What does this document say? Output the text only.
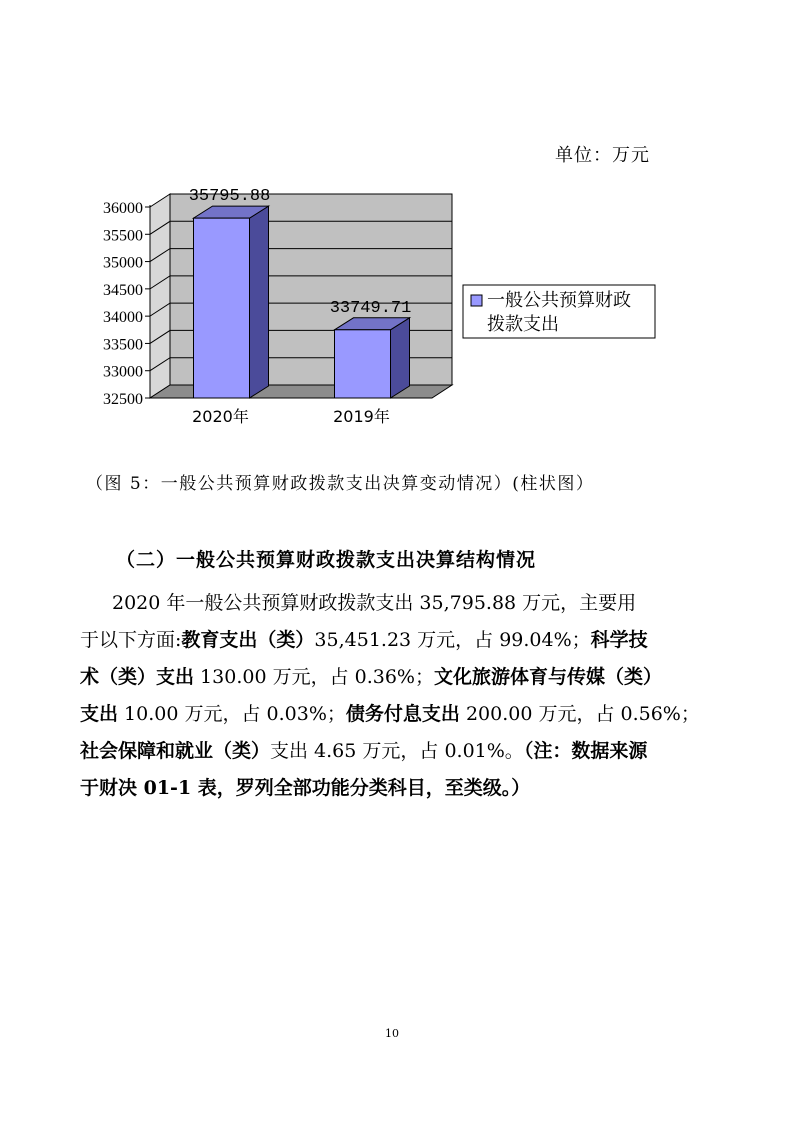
单位：万元
36000
35500
35000
34500
34000
33500
33000
32500
35795.88
2020年
33749.71
2019年
一般公共预算财政
拨款支出
（图 5：一般公共预算财政拨款支出决算变动情况）(柱状图）
（二）一般公共预算财政拨款支出决算结构情况
2020 年一般公共预算财政拨款支出 35,795.88 万元，主要用
于以下方面:教育支出（类）35,451.23 万元，占 99.04%；科学技
术（类）支出 130.00 万元，占 0.36%；文化旅游体育与传媒（类）
支出 10.00 万元，占 0.03%；债务付息支出 200.00 万元，占 0.56%；
社会保障和就业（类）支出 4.65 万元，占 0.01%。（注：数据来源
于财决 01-1 表，罗列全部功能分类科目，至类级。）
10
